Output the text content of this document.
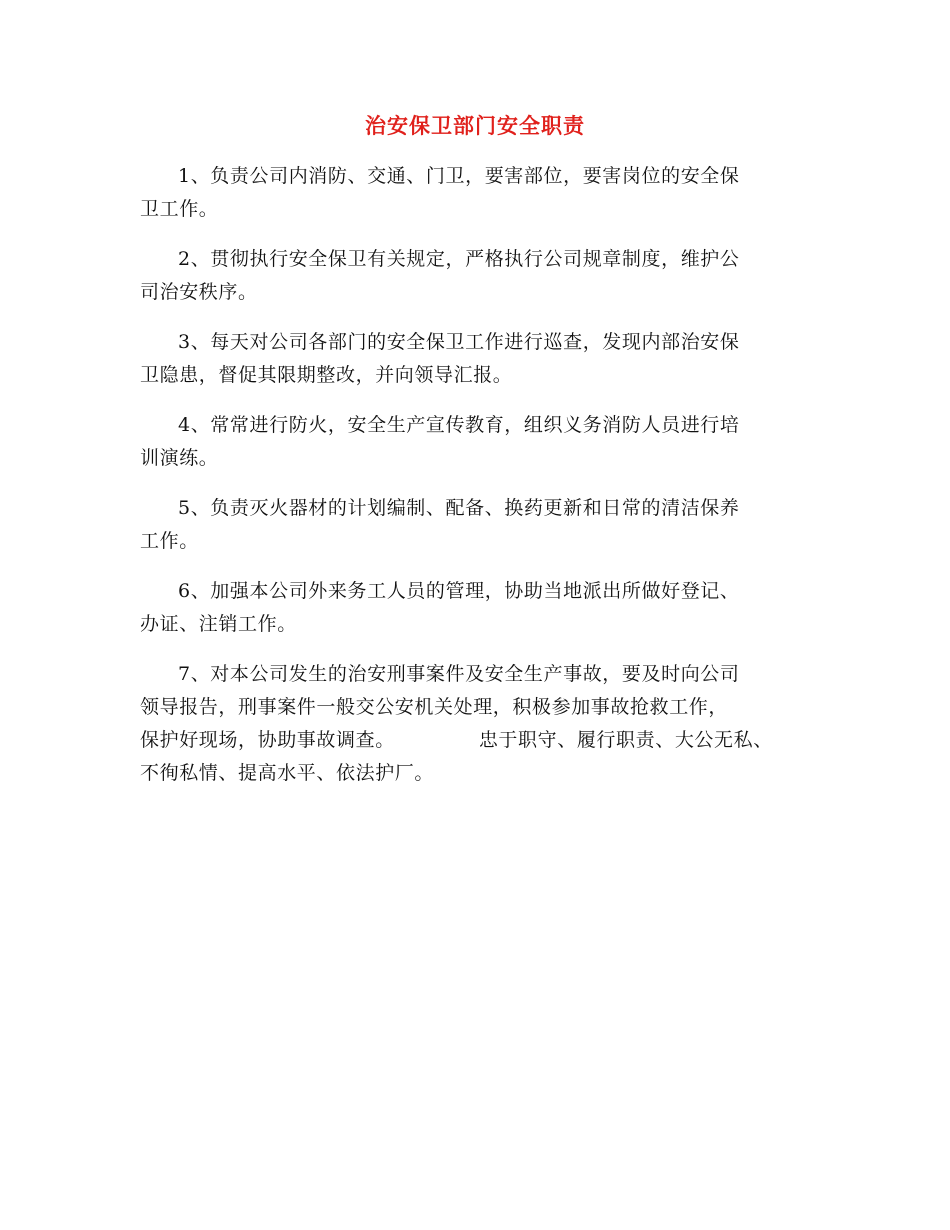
治安保卫部门安全职责

1、负责公司内消防、交通、门卫，要害部位，要害岗位的安全保
卫工作。

2、贯彻执行安全保卫有关规定，严格执行公司规章制度，维护公
司治安秩序。

3、每天对公司各部门的安全保卫工作进行巡查，发现内部治安保
卫隐患，督促其限期整改，并向领导汇报。

4、常常进行防火，安全生产宣传教育，组织义务消防人员进行培
训演练。

5、负责灭火器材的计划编制、配备、换药更新和日常的清洁保养
工作。

6、加强本公司外来务工人员的管理，协助当地派出所做好登记、
办证、注销工作。

7、对本公司发生的治安刑事案件及安全生产事故，要及时向公司
领导报告，刑事案件一般交公安机关处理，积极参加事故抢救工作，
保护好现场，协助事故调查。	忠于职守、履行职责、大公无私、
不徇私情、提高水平、依法护厂。
